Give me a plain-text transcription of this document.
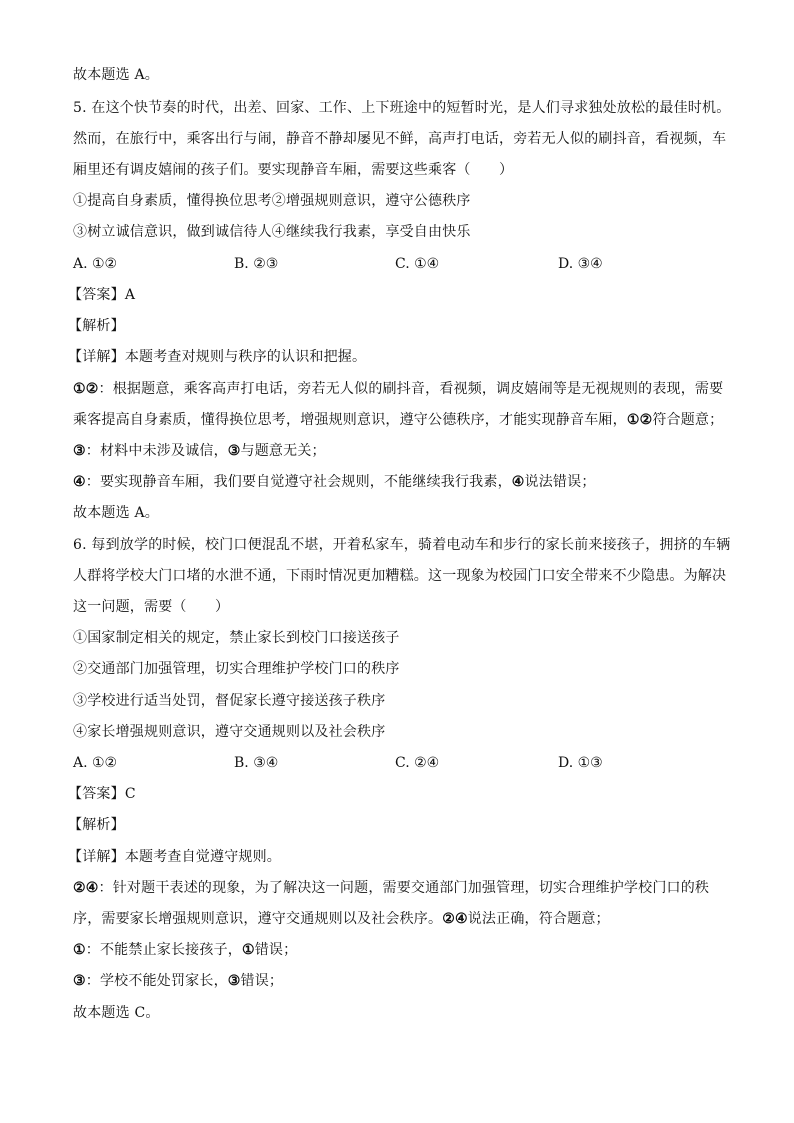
故本题选 A。
5. 在这个快节奏的时代，出差、回家、工作、上下班途中的短暂时光，是人们寻求独处放松的最佳时机。
然而，在旅行中，乘客出行与闹，静音不静却屡见不鲜，高声打电话，旁若无人似的刷抖音，看视频，车
厢里还有调皮嬉闹的孩子们。要实现静音车厢，需要这些乘客（　　）
①提高自身素质，懂得换位思考②增强规则意识，遵守公德秩序
③树立诚信意识，做到诚信待人④继续我行我素，享受自由快乐
A. ①②	B. ②③	C. ①④	D. ③④
【答案】A
【解析】
【详解】本题考查对规则与秩序的认识和把握。
①②：根据题意，乘客高声打电话，旁若无人似的刷抖音，看视频，调皮嬉闹等是无视规则的表现，需要
乘客提高自身素质，懂得换位思考，增强规则意识，遵守公德秩序，才能实现静音车厢，①②符合题意；
③：材料中未涉及诚信，③与题意无关；
④：要实现静音车厢，我们要自觉遵守社会规则，不能继续我行我素，④说法错误；
故本题选 A。
6. 每到放学的时候，校门口便混乱不堪，开着私家车，骑着电动车和步行的家长前来接孩子，拥挤的车辆
人群将学校大门口堵的水泄不通，下雨时情况更加糟糕。这一现象为校园门口安全带来不少隐患。为解决
这一问题，需要（　　）
①国家制定相关的规定，禁止家长到校门口接送孩子
②交通部门加强管理，切实合理维护学校门口的秩序
③学校进行适当处罚，督促家长遵守接送孩子秩序
④家长增强规则意识，遵守交通规则以及社会秩序
A. ①②	B. ③④	C. ②④	D. ①③
【答案】C
【解析】
【详解】本题考查自觉遵守规则。
②④：针对题干表述的现象，为了解决这一问题，需要交通部门加强管理，切实合理维护学校门口的秩
序，需要家长增强规则意识，遵守交通规则以及社会秩序。②④说法正确，符合题意；
①：不能禁止家长接孩子，①错误；
③：学校不能处罚家长，③错误；
故本题选 C。
